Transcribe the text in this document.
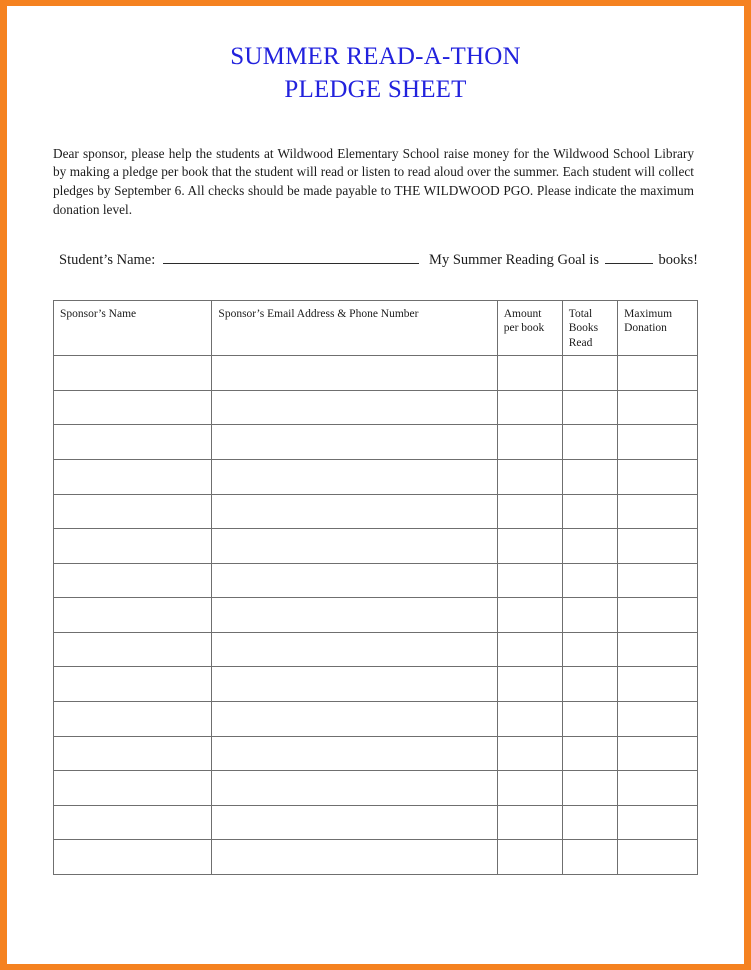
SUMMER READ-A-THON
PLEDGE SHEET

Dear sponsor, please help the students at Wildwood Elementary School raise money for the Wildwood School Library by making a pledge per book that the student will read or listen to read aloud over the summer. Each student will collect pledges by September 6. All checks should be made payable to THE WILDWOOD PGO. Please indicate the maximum donation level.

Student’s Name:	My Summer Reading Goal is	books!
Sponsor’s Name	Sponsor’s Email Address & Phone Number	Amount per book	Total Books Read	Maximum Donation
